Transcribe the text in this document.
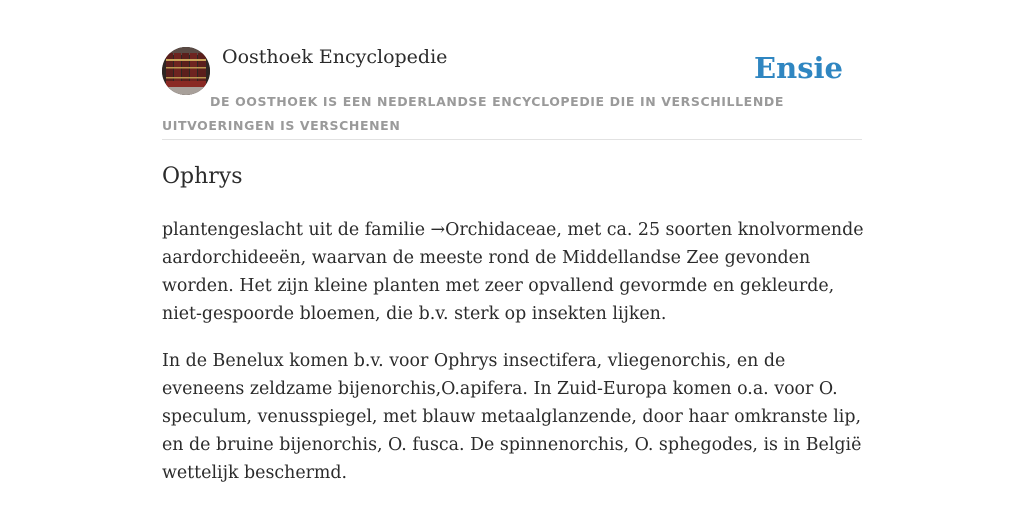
Oosthoek Encyclopedie	Ensie
DE OOSTHOEK IS EEN NEDERLANDSE ENCYCLOPEDIE DIE IN VERSCHILLENDE UITVOERINGEN IS VERSCHENEN
Ophrys

plantengeslacht uit de familie →Orchidaceae, met ca. 25 soorten knolvormende aardorchideeën, waarvan de meeste rond de Middellandse Zee gevonden worden. Het zijn kleine planten met zeer opvallend gevormde en gekleurde, niet-gespoorde bloemen, die b.v. sterk op insekten lijken.

In de Benelux komen b.v. voor Ophrys insectifera, vliegenorchis, en de eveneens zeldzame bijenorchis,O.apifera. In Zuid-Europa komen o.a. voor O. speculum, venusspiegel, met blauw metaalglanzende, door haar omkranste lip, en de bruine bijenorchis, O. fusca. De spinnenorchis, O. sphegodes, is in België wettelijk beschermd.
